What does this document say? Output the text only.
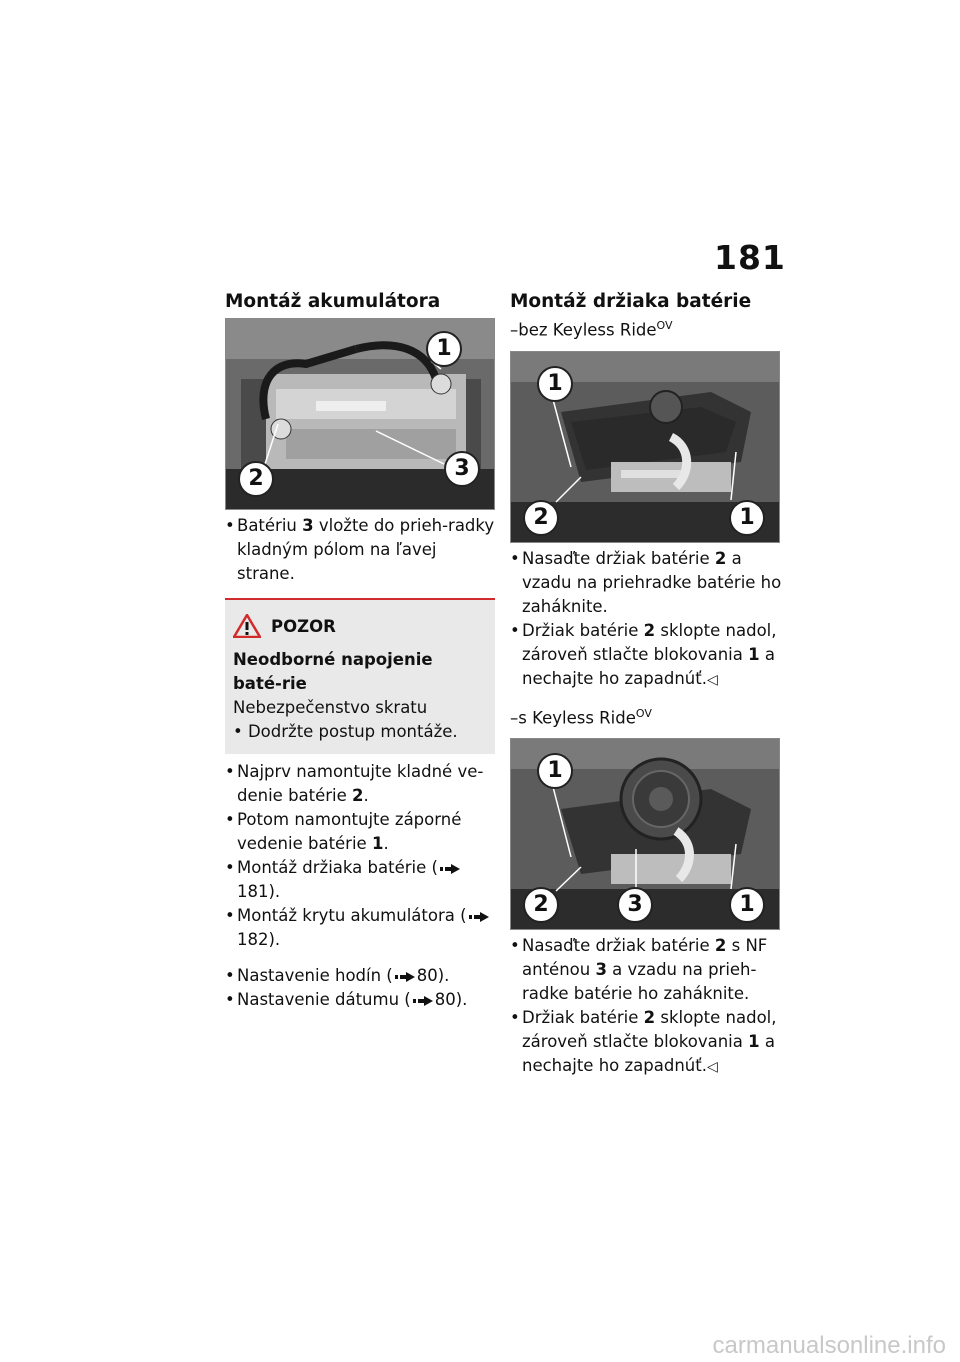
181
Montáž akumulátora
1
2	3
• Batériu 3 vložte do prieh-radky kladným pólom na ľavej strane.
POZOR
Neodborné napojenie baté-rie
Nebezpečenstvo skratu
• Dodržte postup montáže.
• Najprv namontujte kladné ve-denie batérie 2.
• Potom namontujte záporné vedenie batérie 1.
• Montáž držiaka batérie (181).
• Montáž krytu akumulátora (182).
• Nastavenie hodín ( 80).
• Nastavenie dátumu ( 80).
Montáž držiaka batérie
–bez Keyless Ride$^{OV}$
1
2	1
• Nasaďte držiak batérie 2 a vzadu na priehradke batérie ho zaháknite.
• Držiak batérie 2 sklopte nadol, zároveň stlačte blokovania 1 a nechajte ho zapadnúť.◁
–s Keyless Ride$^{OV}$
1
2	3	1
• Nasaďte držiak batérie 2 s NF anténou 3 a vzadu na prieh-radke batérie ho zaháknite.
• Držiak batérie 2 sklopte nadol, zároveň stlačte blokovania 1 a nechajte ho zapadnúť.◁
carmanualsonline.info
